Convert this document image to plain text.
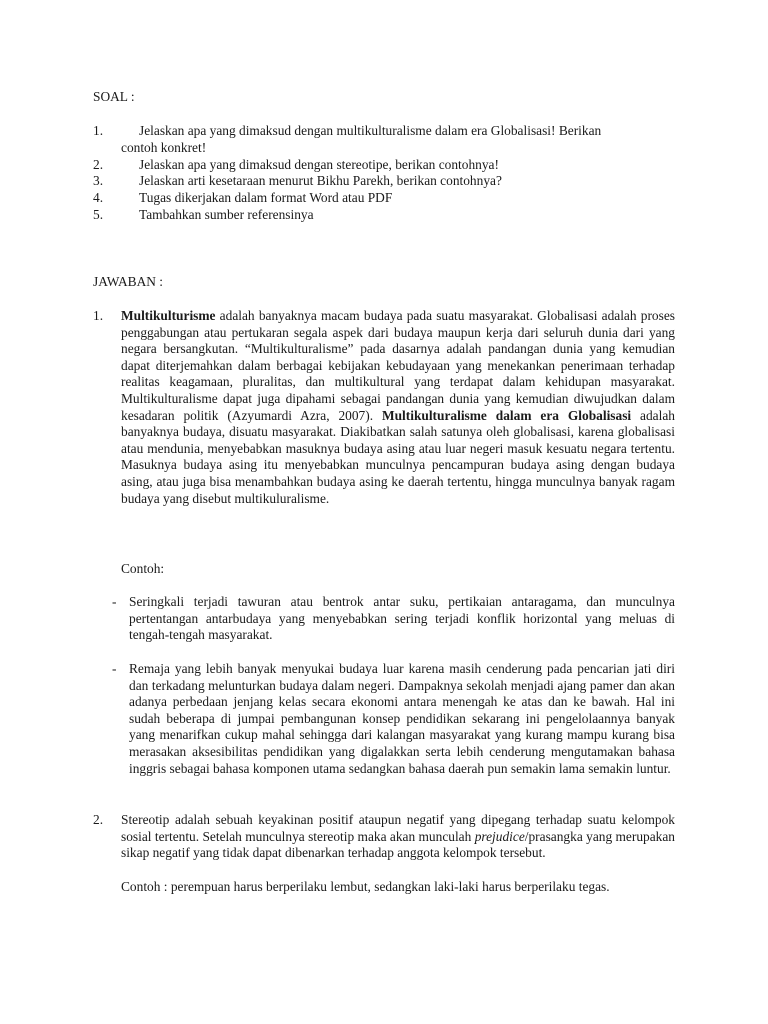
SOAL :
1.	Jelaskan apa yang dimaksud dengan multikulturalisme dalam era Globalisasi! Berikan
contoh konkret!
2.	Jelaskan apa yang dimaksud dengan stereotipe, berikan contohnya!
3.	Jelaskan arti kesetaraan menurut Bikhu Parekh, berikan contohnya?
4.	Tugas dikerjakan dalam format Word atau PDF
5.	Tambahkan sumber referensinya
JAWABAN :
1. Multikulturisme adalah banyaknya macam budaya pada suatu masyarakat. Globalisasi adalah proses penggabungan atau pertukaran segala aspek dari budaya maupun kerja dari seluruh dunia dari yang negara bersangkutan. “Multikulturalisme” pada dasarnya adalah pandangan dunia yang kemudian dapat diterjemahkan dalam berbagai kebijakan kebudayaan yang menekankan penerimaan terhadap realitas keagamaan, pluralitas, dan multikultural yang terdapat dalam kehidupan masyarakat. Multikulturalisme dapat juga dipahami sebagai pandangan dunia yang kemudian diwujudkan dalam kesadaran politik (Azyumardi Azra, 2007). Multikulturalisme dalam era Globalisasi adalah banyaknya budaya, disuatu masyarakat. Diakibatkan salah satunya oleh globalisasi, karena globalisasi atau mendunia, menyebabkan masuknya budaya asing atau luar negeri masuk kesuatu negara tertentu. Masuknya budaya asing itu menyebabkan munculnya pencampuran budaya asing dengan budaya asing, atau juga bisa menambahkan budaya asing ke daerah tertentu, hingga munculnya banyak ragam budaya yang disebut multikuluralisme.
Contoh:
- Seringkali terjadi tawuran atau bentrok antar suku, pertikaian antaragama, dan munculnya pertentangan antarbudaya yang menyebabkan sering terjadi konflik horizontal yang meluas di tengah-tengah masyarakat.
- Remaja yang lebih banyak menyukai budaya luar karena masih cenderung pada pencarian jati diri dan terkadang melunturkan budaya dalam negeri. Dampaknya sekolah menjadi ajang pamer dan akan adanya perbedaan jenjang kelas secara ekonomi antara menengah ke atas dan ke bawah. Hal ini sudah beberapa di jumpai pembangunan konsep pendidikan sekarang ini pengelolaannya banyak yang menarifkan cukup mahal sehingga dari kalangan masyarakat yang kurang mampu kurang bisa merasakan aksesibilitas pendidikan yang digalakkan serta lebih cenderung mengutamakan bahasa inggris sebagai bahasa komponen utama sedangkan bahasa daerah pun semakin lama semakin luntur.
2. Stereotip adalah sebuah keyakinan positif ataupun negatif yang dipegang terhadap suatu kelompok sosial tertentu. Setelah munculnya stereotip maka akan munculah prejudice/prasangka yang merupakan sikap negatif yang tidak dapat dibenarkan terhadap anggota kelompok tersebut.
Contoh : perempuan harus berperilaku lembut, sedangkan laki-laki harus berperilaku tegas.
